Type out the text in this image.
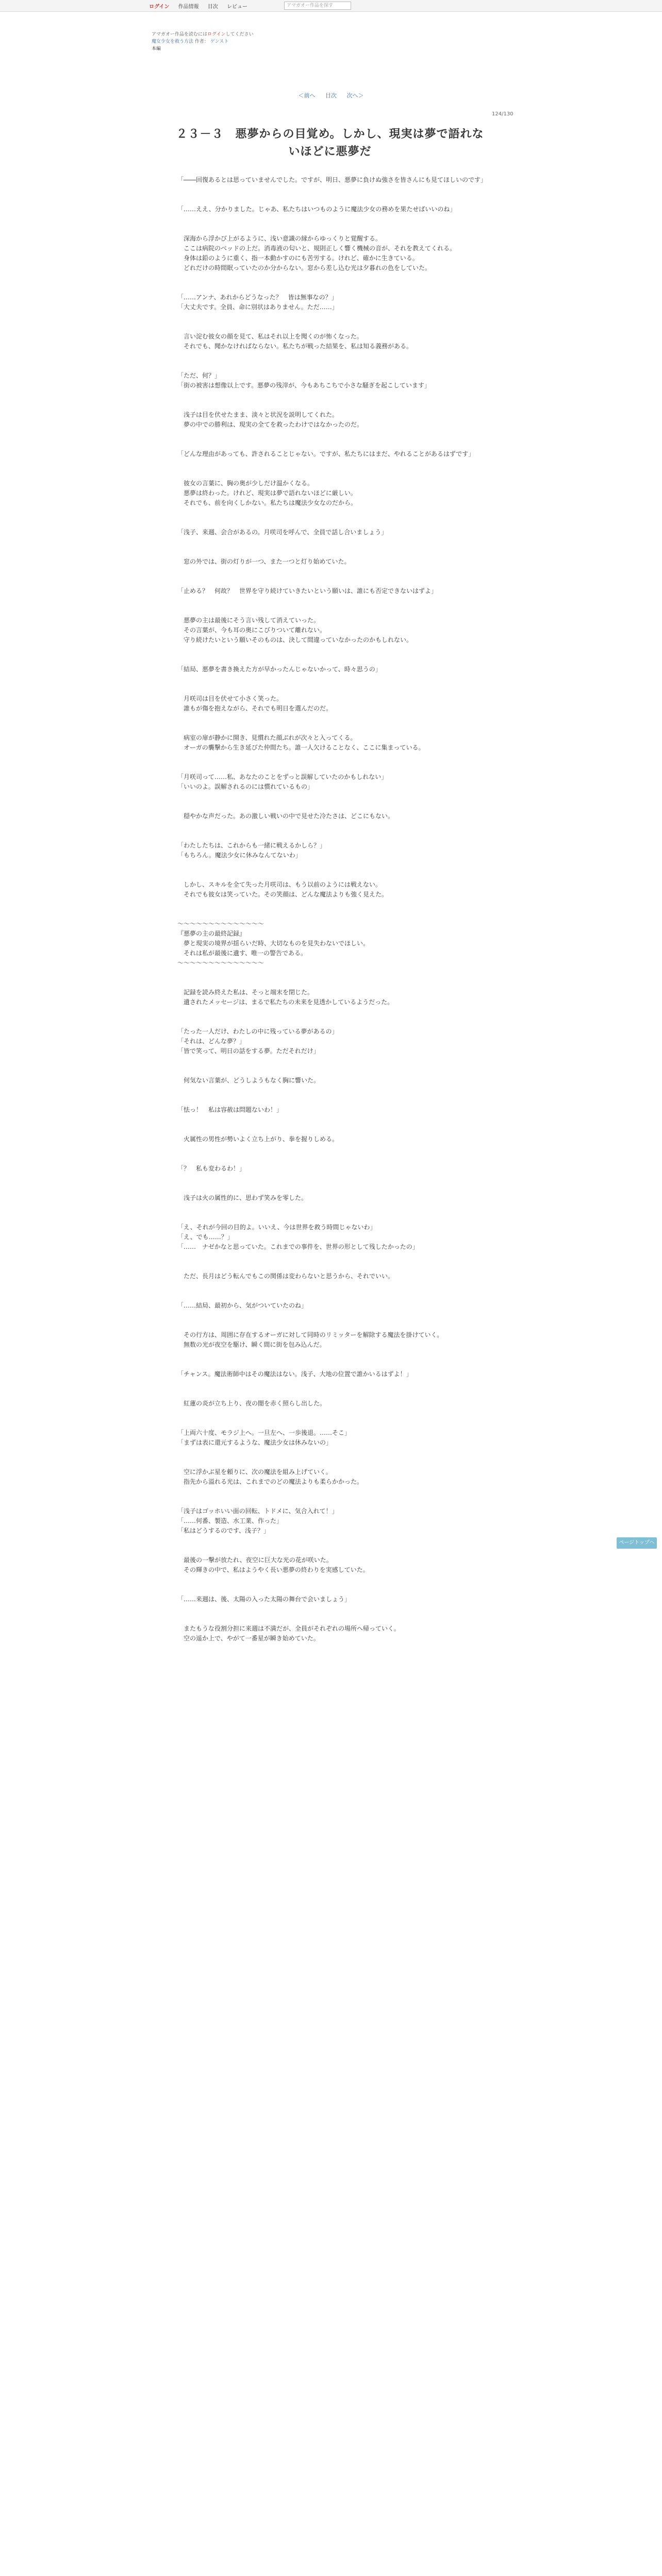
ログイン 作品情報 目次 レビュー	アマガオー作品を探す
アマガオー作品を読むにはログインしてください
魔女少女を救う方法 作者： ゲンスト
本編
＜前へ 目次 次へ＞
124/130
２３－３　悪夢からの目覚め。しかし、現実は夢で語れないほどに悪夢だ

「――回復あるとは思っていませんでした。ですが、明日、悪夢に負けぬ強さを皆さんにも見てほしいのです」

「……ええ、分かりました。じゃあ、私たちはいつものように魔法少女の務めを果たせばいいのね」

　深海から浮かび上がるように、浅い意識の縁からゆっくりと覚醒する。

　ここは病院のベッドの上だ。消毒液の匂いと、規則正しく響く機械の音が、それを教えてくれる。

　身体は鉛のように重く、指一本動かすのにも苦労する。けれど、確かに生きている。

　どれだけの時間眠っていたのか分からない。窓から差し込む光は夕暮れの色をしていた。

「……アンナ、あれからどうなった？　皆は無事なの？」

「大丈夫です。全員、命に別状はありません。ただ……」

　言い淀む彼女の顔を見て、私はそれ以上を聞くのが怖くなった。

　それでも、聞かなければならない。私たちが戦った結果を、私は知る義務がある。

「ただ、何？」

「街の被害は想像以上です。悪夢の残滓が、今もあちこちで小さな騒ぎを起こしています」

　浅子は目を伏せたまま、淡々と状況を説明してくれた。

　夢の中での勝利は、現実の全てを救ったわけではなかったのだ。

「どんな理由があっても、許されることじゃない。ですが、私たちにはまだ、やれることがあるはずです」

　彼女の言葉に、胸の奥が少しだけ温かくなる。

　悪夢は終わった。けれど、現実は夢で語れないほどに厳しい。

　それでも、前を向くしかない。私たちは魔法少女なのだから。

「浅子、来週、会合があるの。月咲司を呼んで、全員で話し合いましょう」

　窓の外では、街の灯りが一つ、また一つと灯り始めていた。

「止める？　何故？　世界を守り続けていきたいという願いは、誰にも否定できないはずよ」

　悪夢の主は最後にそう言い残して消えていった。

　その言葉が、今も耳の奥にこびりついて離れない。

　守り続けたいという願いそのものは、決して間違っていなかったのかもしれない。

「結局、悪夢を書き換えた方が早かったんじゃないかって、時々思うの」

　月咲司は目を伏せて小さく笑った。

　誰もが傷を抱えながら、それでも明日を選んだのだ。

　病室の扉が静かに開き、見慣れた顔ぶれが次々と入ってくる。

　オーガの襲撃から生き延びた仲間たち。誰一人欠けることなく、ここに集まっている。

「月咲司って……私、あなたのことをずっと誤解していたのかもしれない」

「いいのよ。誤解されるのには慣れているもの」

　穏やかな声だった。あの激しい戦いの中で見せた冷たさは、どこにもない。

「わたしたちは、これからも一緒に戦えるかしら？」

「もちろん。魔法少女に休みなんてないわ」

　しかし、スキルを全て失った月咲司は、もう以前のようには戦えない。

　それでも彼女は笑っていた。その笑顔は、どんな魔法よりも強く見えた。

〜〜〜〜〜〜〜〜〜〜〜〜〜〜

『悪夢の主の最終記録』

　夢と現実の境界が揺らいだ時、大切なものを見失わないでほしい。

　それは私が最後に遺す、唯一の警告である。

〜〜〜〜〜〜〜〜〜〜〜〜〜〜

　記録を読み終えた私は、そっと端末を閉じた。

　遺されたメッセージは、まるで私たちの未来を見透かしているようだった。

「たった一人だけ、わたしの中に残っている夢があるの」

「それは、どんな夢？」

「皆で笑って、明日の話をする夢。ただそれだけ」

　何気ない言葉が、どうしようもなく胸に響いた。

「怯っ！　私は容赦は問題ないわ！」

　火属性の男性が勢いよく立ち上がり、拳を握りしめる。

「？　私も変わるわ！」

　浅子は火の属性的に、思わず笑みを零した。

「え、それが今回の目的よ。いいえ、今は世界を救う時間じゃないわ」

「え、でも……？」

「……　ナゼかなと思っていた。これまでの事件を、世界の形として残したかったの」

　ただ、長月はどう転んでもこの関係は変わらないと思うから、それでいい。

「……結局、最初から、気がついていたのね」

　その行方は、周囲に存在するオーガに対して同時のリミッターを解除する魔法を掛けていく。

　無数の光が夜空を駆け、瞬く間に街を包み込んだ。

「チャンス。魔法術師中はその魔法はない。浅子、大地の位置で誰かいるはずよ！」

　紅蓮の炎が立ち上り、夜の闇を赤く照らし出した。

「上両六十度、モラジ上へ。一旦左へ、一歩後退。……そこ」

「まずは表に還元するような、魔法少女は休みないの」

　空に浮かぶ星を頼りに、次の魔法を組み上げていく。

　指先から溢れる光は、これまでのどの魔法よりも柔らかかった。

「浅子はゴッホいい面の回転、トドメに、気合入れて！」

「……何番、製造、水工業、作った」

「私はどうするのです、浅子？」

　最後の一撃が放たれ、夜空に巨大な光の花が咲いた。

　その輝きの中で、私はようやく長い悪夢の終わりを実感していた。

「……来週は、後、太陽の入った太陽の舞台で会いましょう」

　またもうな役割分担に来週は不満だが、全員がそれぞれの場所へ帰っていく。

　空の遥か上で、やがて一番星が瞬き始めていた。

ページトップへ
